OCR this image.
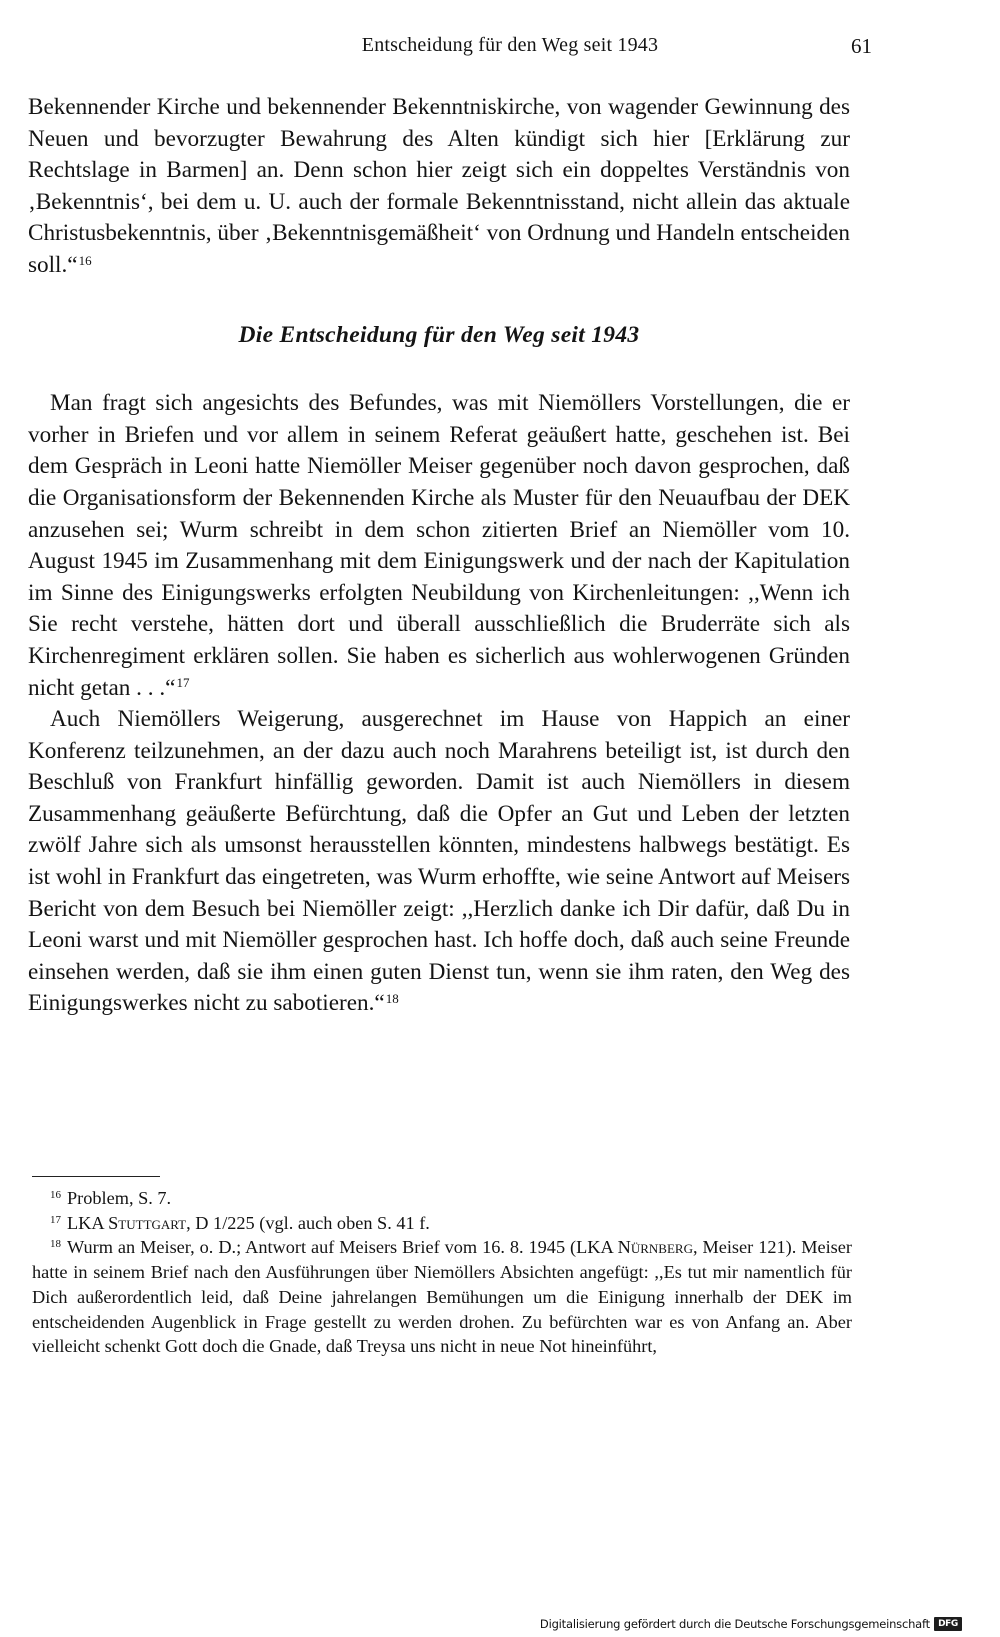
Entscheidung für den Weg seit 1943	61

Bekennender Kirche und bekennender Bekenntniskirche, von wagender Gewinnung des Neuen und bevorzugter Bewahrung des Alten kündigt sich hier [Erklärung zur Rechtslage in Barmen] an. Denn schon hier zeigt sich ein doppeltes Verständnis von ‚Bekenntnis‘, bei dem u. U. auch der formale Bekenntnisstand, nicht allein das aktuale Christusbekenntnis, über ‚Bekenntnisgemäßheit‘ von Ordnung und Handeln entscheiden soll.“$^{16}$

Die Entscheidung für den Weg seit 1943

Man fragt sich angesichts des Befundes, was mit Niemöllers Vorstellungen, die er vorher in Briefen und vor allem in seinem Referat geäußert hatte, geschehen ist. Bei dem Gespräch in Leoni hatte Niemöller Meiser gegenüber noch davon gesprochen, daß die Organisationsform der Bekennenden Kirche als Muster für den Neuaufbau der DEK anzusehen sei; Wurm schreibt in dem schon zitierten Brief an Niemöller vom 10. August 1945 im Zusammenhang mit dem Einigungswerk und der nach der Kapitulation im Sinne des Einigungswerks erfolgten Neubildung von Kirchenleitungen: ,,Wenn ich Sie recht verstehe, hätten dort und überall ausschließlich die Bruderräte sich als Kirchenregiment erklären sollen. Sie haben es sicherlich aus wohlerwogenen Gründen nicht getan . . .“$^{17}$

Auch Niemöllers Weigerung, ausgerechnet im Hause von Happich an einer Konferenz teilzunehmen, an der dazu auch noch Marahrens beteiligt ist, ist durch den Beschluß von Frankfurt hinfällig geworden. Damit ist auch Niemöllers in diesem Zusammenhang geäußerte Befürchtung, daß die Opfer an Gut und Leben der letzten zwölf Jahre sich als umsonst herausstellen könnten, mindestens halbwegs bestätigt. Es ist wohl in Frankfurt das eingetreten, was Wurm erhoffte, wie seine Antwort auf Meisers Bericht von dem Besuch bei Niemöller zeigt: ,,Herzlich danke ich Dir dafür, daß Du in Leoni warst und mit Niemöller gesprochen hast. Ich hoffe doch, daß auch seine Freunde einsehen werden, daß sie ihm einen guten Dienst tun, wenn sie ihm raten, den Weg des Einigungswerkes nicht zu sabotieren.“$^{18}$

$^{16}$ Problem, S. 7.

$^{17}$ LKA Stuttgart, D 1/225 (vgl. auch oben S. 41 f.

$^{18}$ Wurm an Meiser, o. D.; Antwort auf Meisers Brief vom 16. 8. 1945 (LKA Nürnberg, Meiser 121). Meiser hatte in seinem Brief nach den Ausführungen über Niemöllers Absichten angefügt: ,,Es tut mir namentlich für Dich außerordentlich leid, daß Deine jahrelangen Bemühungen um die Einigung innerhalb der DEK im entscheidenden Augenblick in Frage gestellt zu werden drohen. Zu befürchten war es von Anfang an. Aber vielleicht schenkt Gott doch die Gnade, daß Treysa uns nicht in neue Not hineinführt,

Digitalisierung gefördert durch die Deutsche Forschungsgemeinschaft DFG
